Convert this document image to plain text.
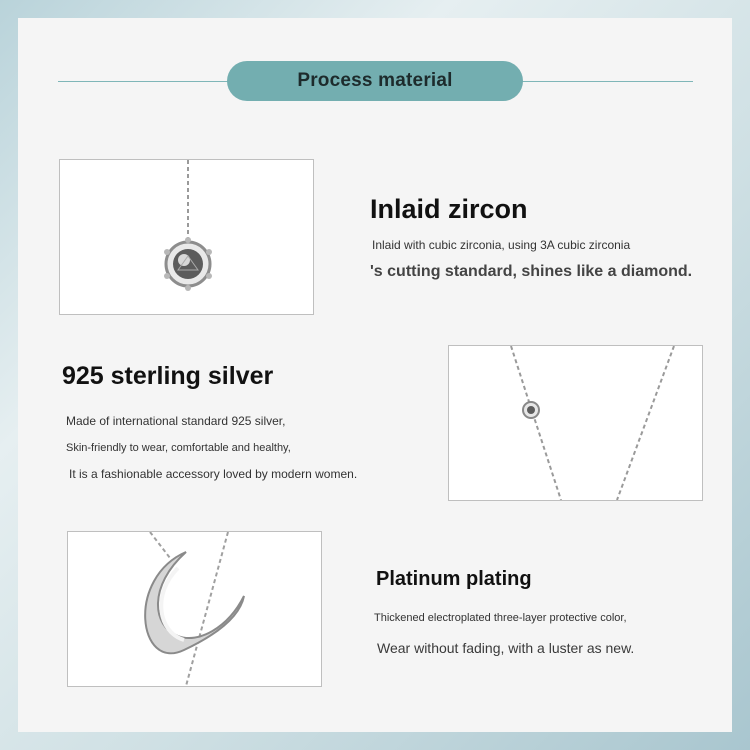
Process material
Inlaid zircon
Inlaid with cubic zirconia, using 3A cubic zirconia
's cutting standard, shines like a diamond.
925 sterling silver
Made of international standard 925 silver,
Skin-friendly to wear, comfortable and healthy,
It is a fashionable accessory loved by modern women.
Platinum plating
Thickened electroplated three-layer protective color,
Wear without fading, with a luster as new.
